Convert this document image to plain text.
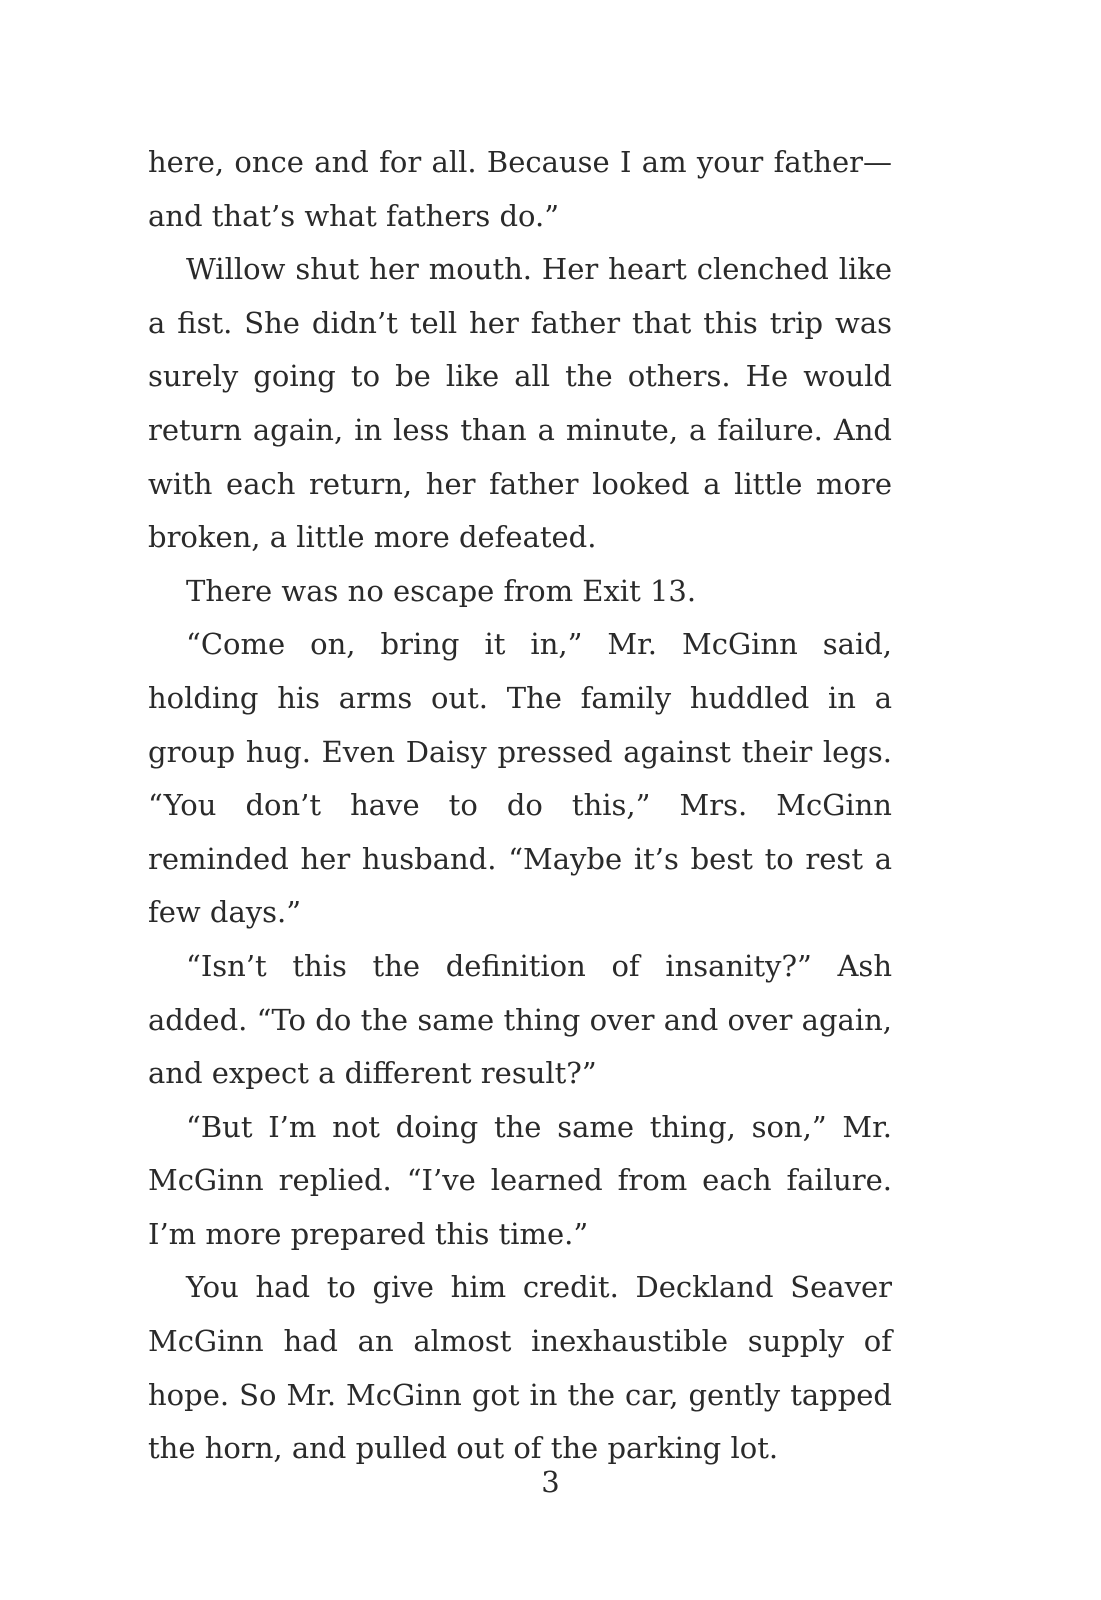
here, once and for all. Because I am your father—and that’s what fathers do.”

Willow shut her mouth. Her heart clenched like a fist. She didn’t tell her father that this trip was surely going to be like all the others. He would return again, in less than a minute, a failure. And with each return, her father looked a little more broken, a little more defeated.

There was no escape from Exit 13.

“Come on, bring it in,” Mr. McGinn said, holding his arms out. The family huddled in a group hug. Even Daisy pressed against their legs. “You don’t have to do this,” Mrs. McGinn reminded her husband. “Maybe it’s best to rest a few days.”

“Isn’t this the definition of insanity?” Ash added. “To do the same thing over and over again, and expect a different result?”

“But I’m not doing the same thing, son,” Mr. McGinn replied. “I’ve learned from each failure. I’m more prepared this time.”

You had to give him credit. Deckland Seaver McGinn had an almost inexhaustible supply of hope. So Mr. McGinn got in the car, gently tapped the horn, and pulled out of the parking lot.

3
